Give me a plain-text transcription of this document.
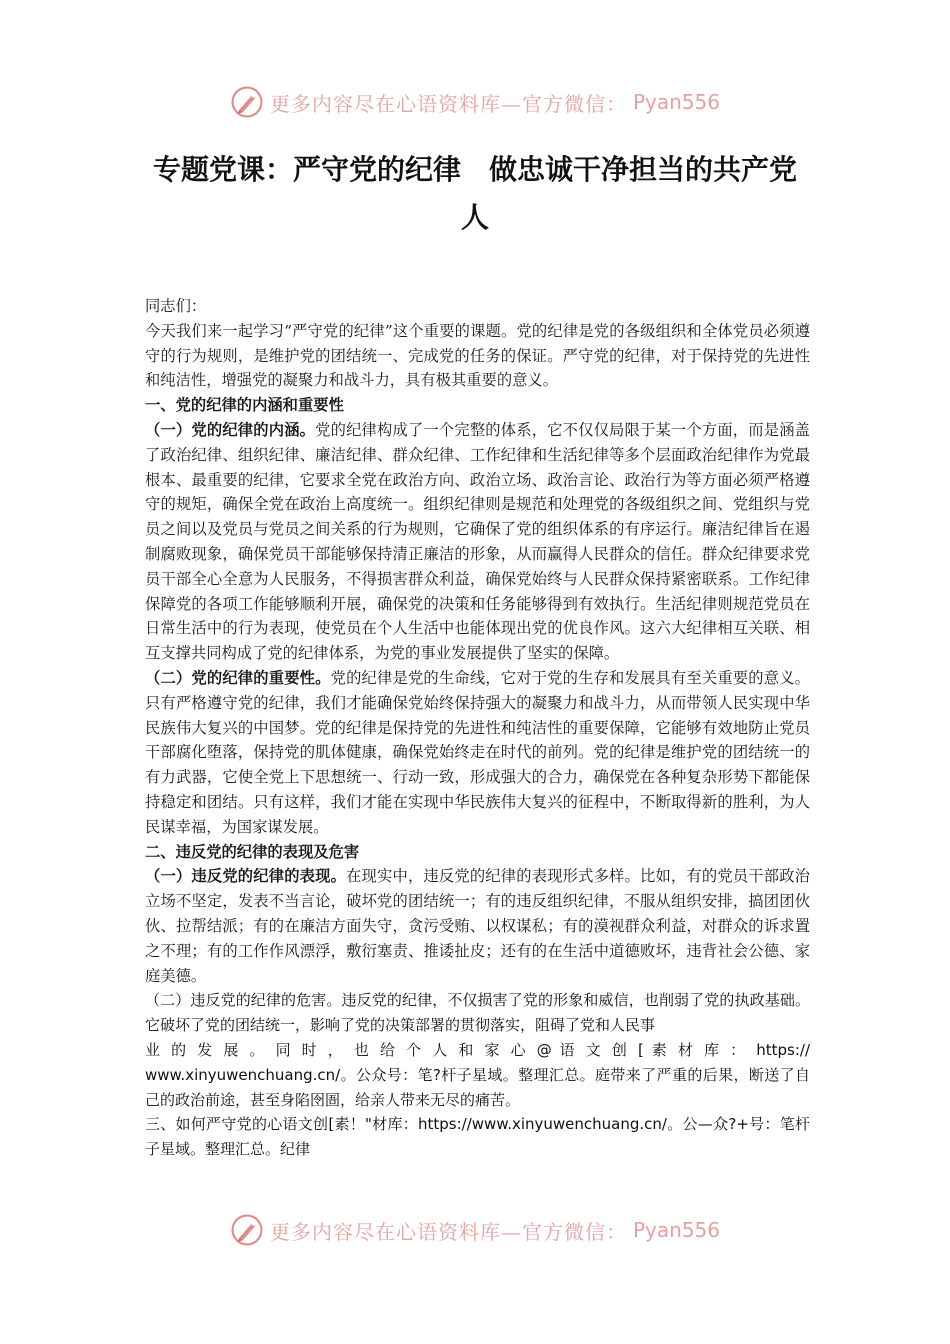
更多内容尽在心语资料库—官方微信： Pyan556
专题党课：严守党的纪律　做忠诚干净担当的共产党人

同志们：

今天我们来一起学习“严守党的纪律”这个重要的课题。党的纪律是党的各级组织和全体党员必须遵守的行为规则，是维护党的团结统一、完成党的任务的保证。严守党的纪律，对于保持党的先进性和纯洁性，增强党的凝聚力和战斗力，具有极其重要的意义。

一、党的纪律的内涵和重要性

（一）党的纪律的内涵。党的纪律构成了一个完整的体系，它不仅仅局限于某一个方面，而是涵盖了政治纪律、组织纪律、廉洁纪律、群众纪律、工作纪律和生活纪律等多个层面政治纪律作为党最根本、最重要的纪律，它要求全党在政治方向、政治立场、政治言论、政治行为等方面必须严格遵守的规矩，确保全党在政治上高度统一。组织纪律则是规范和处理党的各级组织之间、党组织与党员之间以及党员与党员之间关系的行为规则，它确保了党的组织体系的有序运行。廉洁纪律旨在遏制腐败现象，确保党员干部能够保持清正廉洁的形象，从而赢得人民群众的信任。群众纪律要求党员干部全心全意为人民服务，不得损害群众利益，确保党始终与人民群众保持紧密联系。工作纪律保障党的各项工作能够顺利开展，确保党的决策和任务能够得到有效执行。生活纪律则规范党员在日常生活中的行为表现，使党员在个人生活中也能体现出党的优良作风。这六大纪律相互关联、相互支撑共同构成了党的纪律体系，为党的事业发展提供了坚实的保障。

（二）党的纪律的重要性。党的纪律是党的生命线，它对于党的生存和发展具有至关重要的意义。只有严格遵守党的纪律，我们才能确保党始终保持强大的凝聚力和战斗力，从而带领人民实现中华民族伟大复兴的中国梦。党的纪律是保持党的先进性和纯洁性的重要保障，它能够有效地防止党员干部腐化堕落，保持党的肌体健康，确保党始终走在时代的前列。党的纪律是维护党的团结统一的有力武器，它使全党上下思想统一、行动一致，形成强大的合力，确保党在各种复杂形势下都能保持稳定和团结。只有这样，我们才能在实现中华民族伟大复兴的征程中，不断取得新的胜利，为人民谋幸福，为国家谋发展。

二、违反党的纪律的表现及危害

（一）违反党的纪律的表现。在现实中，违反党的纪律的表现形式多样。比如，有的党员干部政治立场不坚定，发表不当言论，破坏党的团结统一；有的违反组织纪律，不服从组织安排，搞团团伙伙、拉帮结派；有的在廉洁方面失守，贪污受贿、以权谋私；有的漠视群众利益，对群众的诉求置之不理；有的工作作风漂浮，敷衍塞责、推诿扯皮；还有的在生活中道德败坏，违背社会公德、家庭美德。

（二）违反党的纪律的危害。违反党的纪律，不仅损害了党的形象和威信，也削弱了党的执政基础。它破坏了党的团结统一，影响了党的决策部署的贯彻落实，阻碍了党和人民事

业 的 发 展 。 同 时 ， 也 给 个 人 和 家 心 @ 语 文 创 [ 素 材 库 ： https://

www.xinyuwenchuang.cn/。公众号：笔?杆子星域。整理汇总。庭带来了严重的后果，断送了自己的政治前途，甚至身陷囹圄，给亲人带来无尽的痛苦。

三、如何严守党的心语文创[素！"材库：https://www.xinyuwenchuang.cn/。公—众?+号：笔杆子星域。整理汇总。纪律

更多内容尽在心语资料库—官方微信： Pyan556
